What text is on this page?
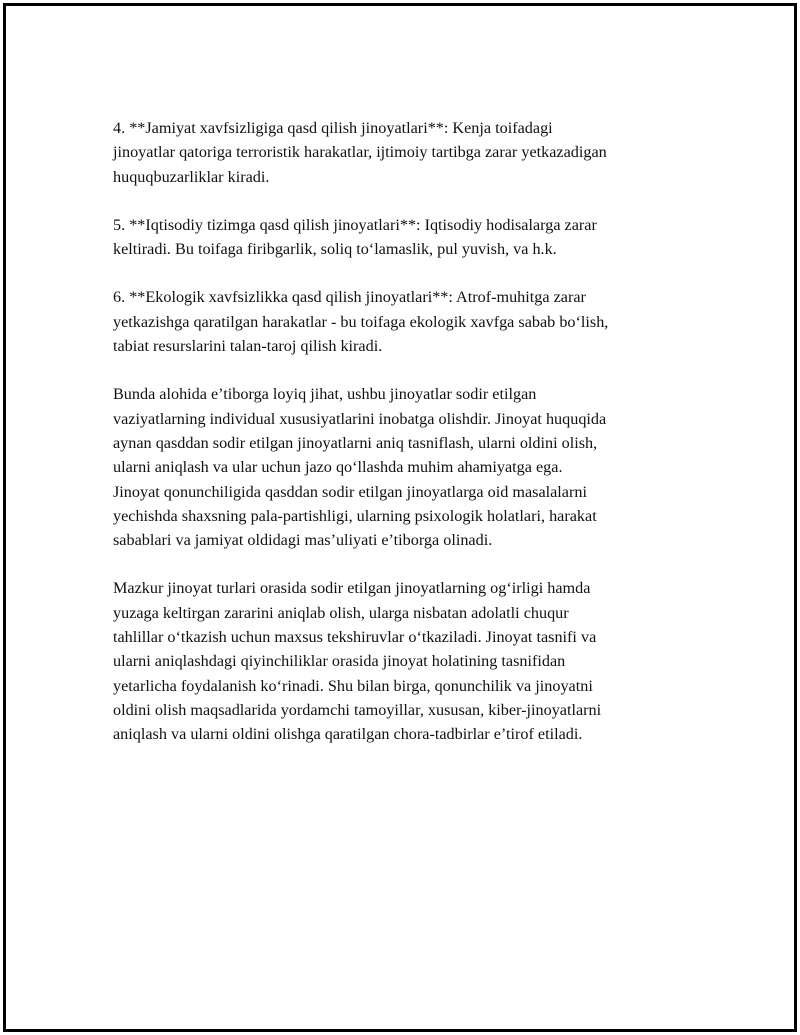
4. **Jamiyat xavfsizligiga qasd qilish jinoyatlari**: Kenja toifadagi
jinoyatlar qatoriga terroristik harakatlar, ijtimoiy tartibga zarar yetkazadigan
huquqbuzarliklar kiradi.

5. **Iqtisodiy tizimga qasd qilish jinoyatlari**: Iqtisodiy hodisalarga zarar
keltiradi. Bu toifaga firibgarlik, soliq to‘lamaslik, pul yuvish, va h.k.

6. **Ekologik xavfsizlikka qasd qilish jinoyatlari**: Atrof-muhitga zarar
yetkazishga qaratilgan harakatlar - bu toifaga ekologik xavfga sabab bo‘lish,
tabiat resurslarini talan-taroj qilish kiradi.

Bunda alohida e’tiborga loyiq jihat, ushbu jinoyatlar sodir etilgan
vaziyatlarning individual xususiyatlarini inobatga olishdir. Jinoyat huquqida
aynan qasddan sodir etilgan jinoyatlarni aniq tasniflash, ularni oldini olish,
ularni aniqlash va ular uchun jazo qo‘llashda muhim ahamiyatga ega.
Jinoyat qonunchiligida qasddan sodir etilgan jinoyatlarga oid masalalarni
yechishda shaxsning pala-partishligi, ularning psixologik holatlari, harakat
sabablari va jamiyat oldidagi mas’uliyati e’tiborga olinadi.

Mazkur jinoyat turlari orasida sodir etilgan jinoyatlarning og‘irligi hamda
yuzaga keltirgan zararini aniqlab olish, ularga nisbatan adolatli chuqur
tahlillar o‘tkazish uchun maxsus tekshiruvlar o‘tkaziladi. Jinoyat tasnifi va
ularni aniqlashdagi qiyinchiliklar orasida jinoyat holatining tasnifidan
yetarlicha foydalanish ko‘rinadi. Shu bilan birga, qonunchilik va jinoyatni
oldini olish maqsadlarida yordamchi tamoyillar, xususan, kiber-jinoyatlarni
aniqlash va ularni oldini olishga qaratilgan chora-tadbirlar e’tirof etiladi.
